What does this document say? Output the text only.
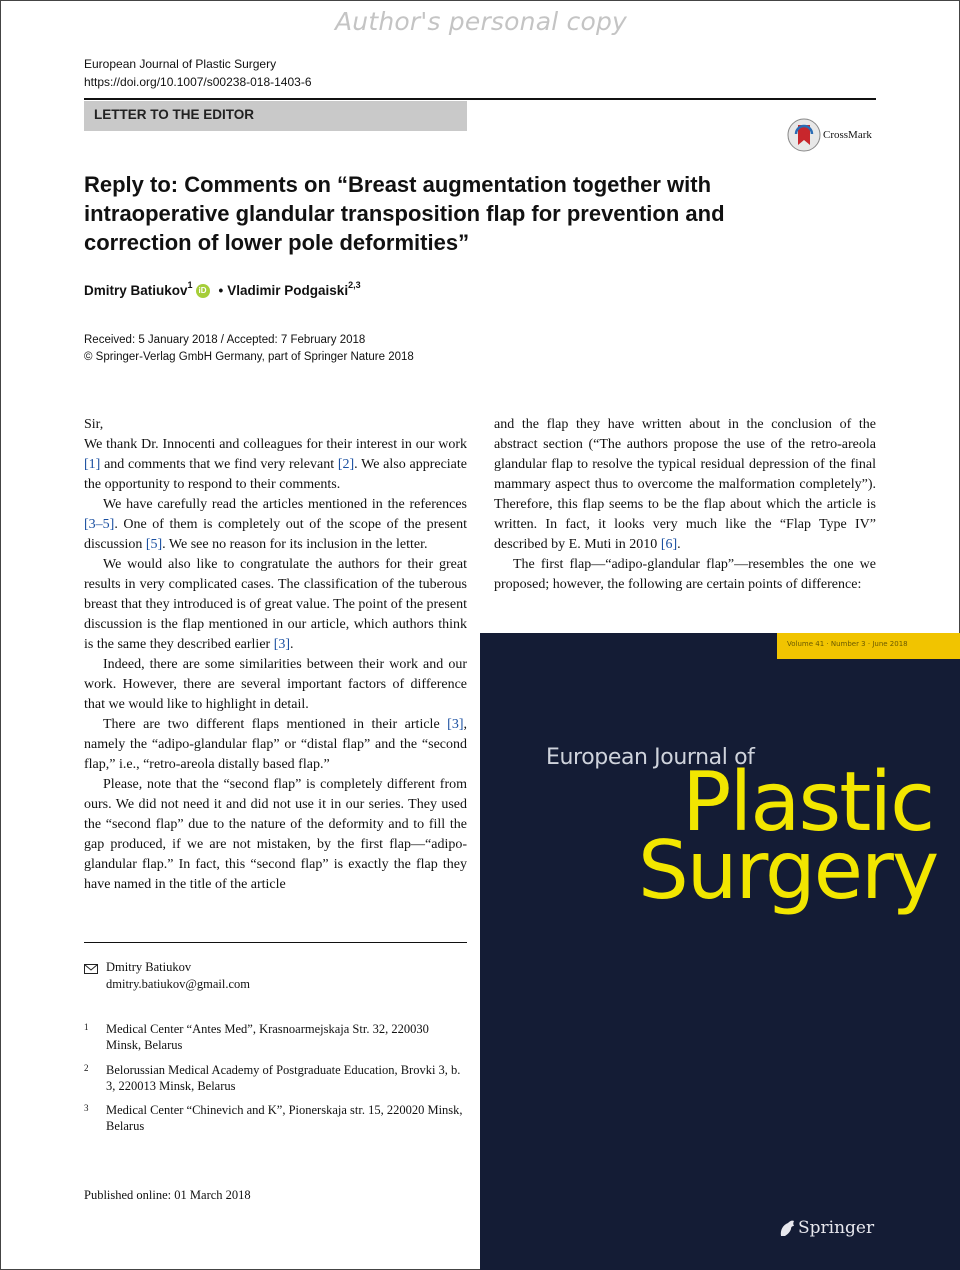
Author's personal copy
European Journal of Plastic Surgery
https://doi.org/10.1007/s00238-018-1403-6
LETTER TO THE EDITOR
CrossMark
Reply to: Comments on “Breast augmentation together with intraoperative glandular transposition flap for prevention and correction of lower pole deformities”
Dmitry Batiukov$^1$
iD • Vladimir Podgaiski$^{2,3}$
Received: 5 January 2018 / Accepted: 7 February 2018
© Springer-Verlag GmbH Germany, part of Springer Nature 2018

Sir,

We thank Dr. Innocenti and colleagues for their interest in our work [1] and comments that we find very relevant [2]. We also appreciate the opportunity to respond to their comments.

We have carefully read the articles mentioned in the references [3–5]. One of them is completely out of the scope of the present discussion [5]. We see no reason for its inclusion in the letter.

We would also like to congratulate the authors for their great results in very complicated cases. The classification of the tuberous breast that they introduced is of great value. The point of the present discussion is the flap mentioned in our article, which authors think is the same they described earlier [3].

Indeed, there are some similarities between their work and our work. However, there are several important factors of difference that we would like to highlight in detail.

There are two different flaps mentioned in their article [3], namely the “adipo-glandular flap” or “distal flap” and the “second flap,” i.e., “retro-areola distally based flap.”

Please, note that the “second flap” is completely different from ours. We did not need it and did not use it in our series. They used the “second flap” due to the nature of the deformity and to fill the gap produced, if we are not mistaken, by the first flap—“adipo-glandular flap.” In fact, this “second flap” is exactly the flap they have named in the title of the article

and the flap they have written about in the conclusion of the abstract section (“The authors propose the use of the retro-areola glandular flap to resolve the typical residual depression of the final mammary aspect thus to overcome the malformation completely”). Therefore, this flap seems to be the flap about which the article is written. In fact, it looks very much like the “Flap Type IV” described by E. Muti in 2010 [6].

The first flap—“adipo-glandular flap”—resembles the one we proposed; however, the following are certain points of difference:

Dmitry Batiukov
dmitry.batiukov@gmail.com
1	Medical Center “Antes Med”, Krasnoarmejskaja Str. 32, 220030 Minsk, Belarus
2	Belorussian Medical Academy of Postgraduate Education, Brovki 3, b. 3, 220013 Minsk, Belarus
3	Medical Center “Chinevich and K”, Pionerskaja str. 15, 220020 Minsk, Belarus
Published online: 01 March 2018
Volume 41 · Number 3 · June 2018
European Journal of
Plastic
Surgery
Springer
